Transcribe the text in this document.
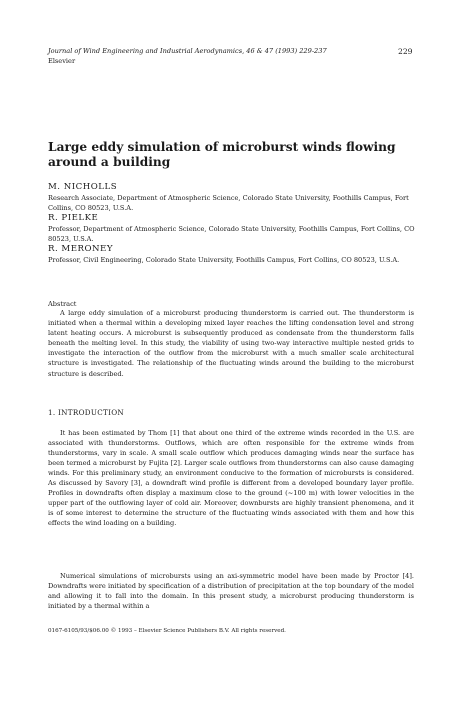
Journal of Wind Engineering and Industrial Aerodynamics, 46 & 47 (1993) 229-237
Elsevier
229
Large eddy simulation of microburst winds flowing around a building
M. NICHOLLS
Research Associate, Department of Atmospheric Science, Colorado State University, Foothills Campus, Fort Collins, CO 80523, U.S.A.
R. PIELKE
Professor, Department of Atmospheric Science, Colorado State University, Foothills Campus, Fort Collins, CO 80523, U.S.A.
R. MERONEY
Professor, Civil Engineering, Colorado State University, Foothills Campus, Fort Collins, CO 80523, U.S.A.
Abstract
A large eddy simulation of a microburst producing thunderstorm is carried out. The thunderstorm is initiated when a thermal within a developing mixed layer reaches the lifting condensation level and strong latent heating occurs. A microburst is subsequently produced as condensate from the thunderstorm falls beneath the melting level. In this study, the viability of using two-way interactive multiple nested grids to investigate the interaction of the outflow from the microburst with a much smaller scale architectural structure is investigated. The relationship of the fluctuating winds around the building to the microburst structure is described.
1. INTRODUCTION
It has been estimated by Thom [1] that about one third of the extreme winds recorded in the U.S. are associated with thunderstorms. Outflows, which are often responsible for the extreme winds from thunderstorms, vary in scale. A small scale outflow which produces damaging winds near the surface has been termed a microburst by Fujita [2]. Larger scale outflows from thunderstorms can also cause damaging winds. For this preliminary study, an environment conducive to the formation of microbursts is considered. As discussed by Savory [3], a downdraft wind profile is different from a developed boundary layer profile. Profiles in downdrafts often display a maximum close to the ground (~100 m) with lower velocities in the upper part of the outflowing layer of cold air. Moreover, downbursts are highly transient phenomena, and it is of some interest to determine the structure of the fluctuating winds associated with them and how this effects the wind loading on a building.
Numerical simulations of microbursts using an axi-symmetric model have been made by Proctor [4]. Downdrafts were initiated by specification of a distribution of precipitation at the top boundary of the model and allowing it to fall into the domain. In this present study, a microburst producing thunderstorm is initiated by a thermal within a
0167-6105/93/$06.00 © 1993 – Elsevier Science Publishers B.V. All rights reserved.
